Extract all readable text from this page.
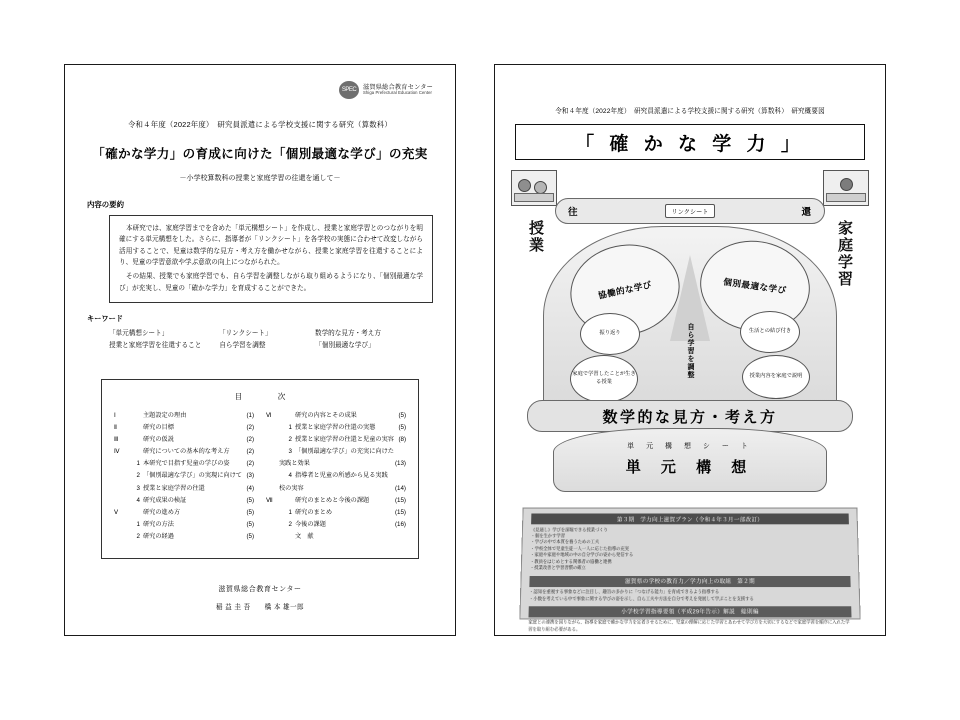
SPEC	滋賀県総合教育センター
Shiga Prefectural Education Center
令和４年度（2022年度）　研究員派遣による学校支援に関する研究（算数科）
「確かな学力」の育成に向けた「個別最適な学び」の充実
－小学校算数科の授業と家庭学習の往還を通して－
内容の要約

本研究では、家庭学習までを含めた「単元構想シート」を作成し、授業と家庭学習とのつながりを明確にする単元構想をした。さらに、指導者が「リンクシート」を各学校の実態に合わせて改変しながら活用することで、児童は数学的な見方・考え方を働かせながら、授業と家庭学習を往還することにより、児童の学習意欲や学ぶ意欲の向上につながられた。

その結果、授業でも家庭学習でも、自ら学習を調整しながら取り組めるようになり、「個別最適な学び」が充実し、児童の「確かな学力」を育成することができた。

キーワード
「単元構想シート」	「リンクシート」	数学的な見方・考え方
授業と家庭学習を往還すること	自ら学習を調整	「個別最適な学び」
目　次
Ⅰ	主題設定の理由	(1)
Ⅱ	研究の目標	(2)
Ⅲ	研究の仮説	(2)
Ⅳ	研究についての基本的な考え方	(2)
1 本研究で目指す児童の学びの姿	(2)
2 「個別最適な学び」の実現に向けて (3)
3 授業と家庭学習の往還	(4)
4 研究成果の検証	(5)
Ⅴ	研究の進め方	(5)
1 研究の方法	(5)
2 研究の経過	(5)
Ⅵ	研究の内容とその成果	(5)
1 授業と家庭学習の往還の実態	(5)
2 授業と家庭学習の往還と児童の実容 (8)
3 「個別最適な学び」の充実に向けた
実践と効果	(13)
4 指導者と児童の所感から見る実践
校の実容	(14)
Ⅶ	研究のまとめと今後の課題	(15)
1 研究のまとめ	(15)
2 今後の課題	(16)
文　献
滋賀県総合教育センター
稲 益 圭 吾　　橋 本 雄一郎
令和４年度（2022年度）　研究員派遣による学校支援に関する研究（算数科）　研究概要図
「 確 か な 学 力 」
授業	家庭学習
往	リンクシート	還
自ら学習を調整
協働的な学び	個別最適な学び
振り返り
家庭で学習したことが生きる授業
生活との結び付き
授業内容を家庭で説明
数学的な見方・考え方
単 元 構 想 シ ー ト
単 元 構 想
第３期　学力向上滋賀プラン（令和４年３月一部改訂）
《見通し》学びを深堀できる授業づくり
・個を生かす学習
・学びの中で本質を養うための工夫
・学校全体で児童生徒一人一人に応じた指導の充実
・家庭や家庭や地域の中の自分学びの姿から発信する
・教員をはじめとする関係者の協働と連携
・授業改善と学習習慣の確立
滋賀県の学校の教育力／学力向上の取組　第２期
・認知を重視する事象などに注目し、趣旨の多かりに「つなげる能力」を育成できるよう指導する
・小数を考えている中で事象に関する学びの姿を示し、自ら工夫や方法を自分で考えを発展して学ぶことを支援する
小学校学習指導要領（平成29年告示）解説　総則編
家庭との連携を図りながら、指導を家庭で確かな学力を定着させるために、児童の理解に応じた学習とあわせて学び方を大切にするなどで家庭学習を順序に入れた学習を取り組む必要がある。
